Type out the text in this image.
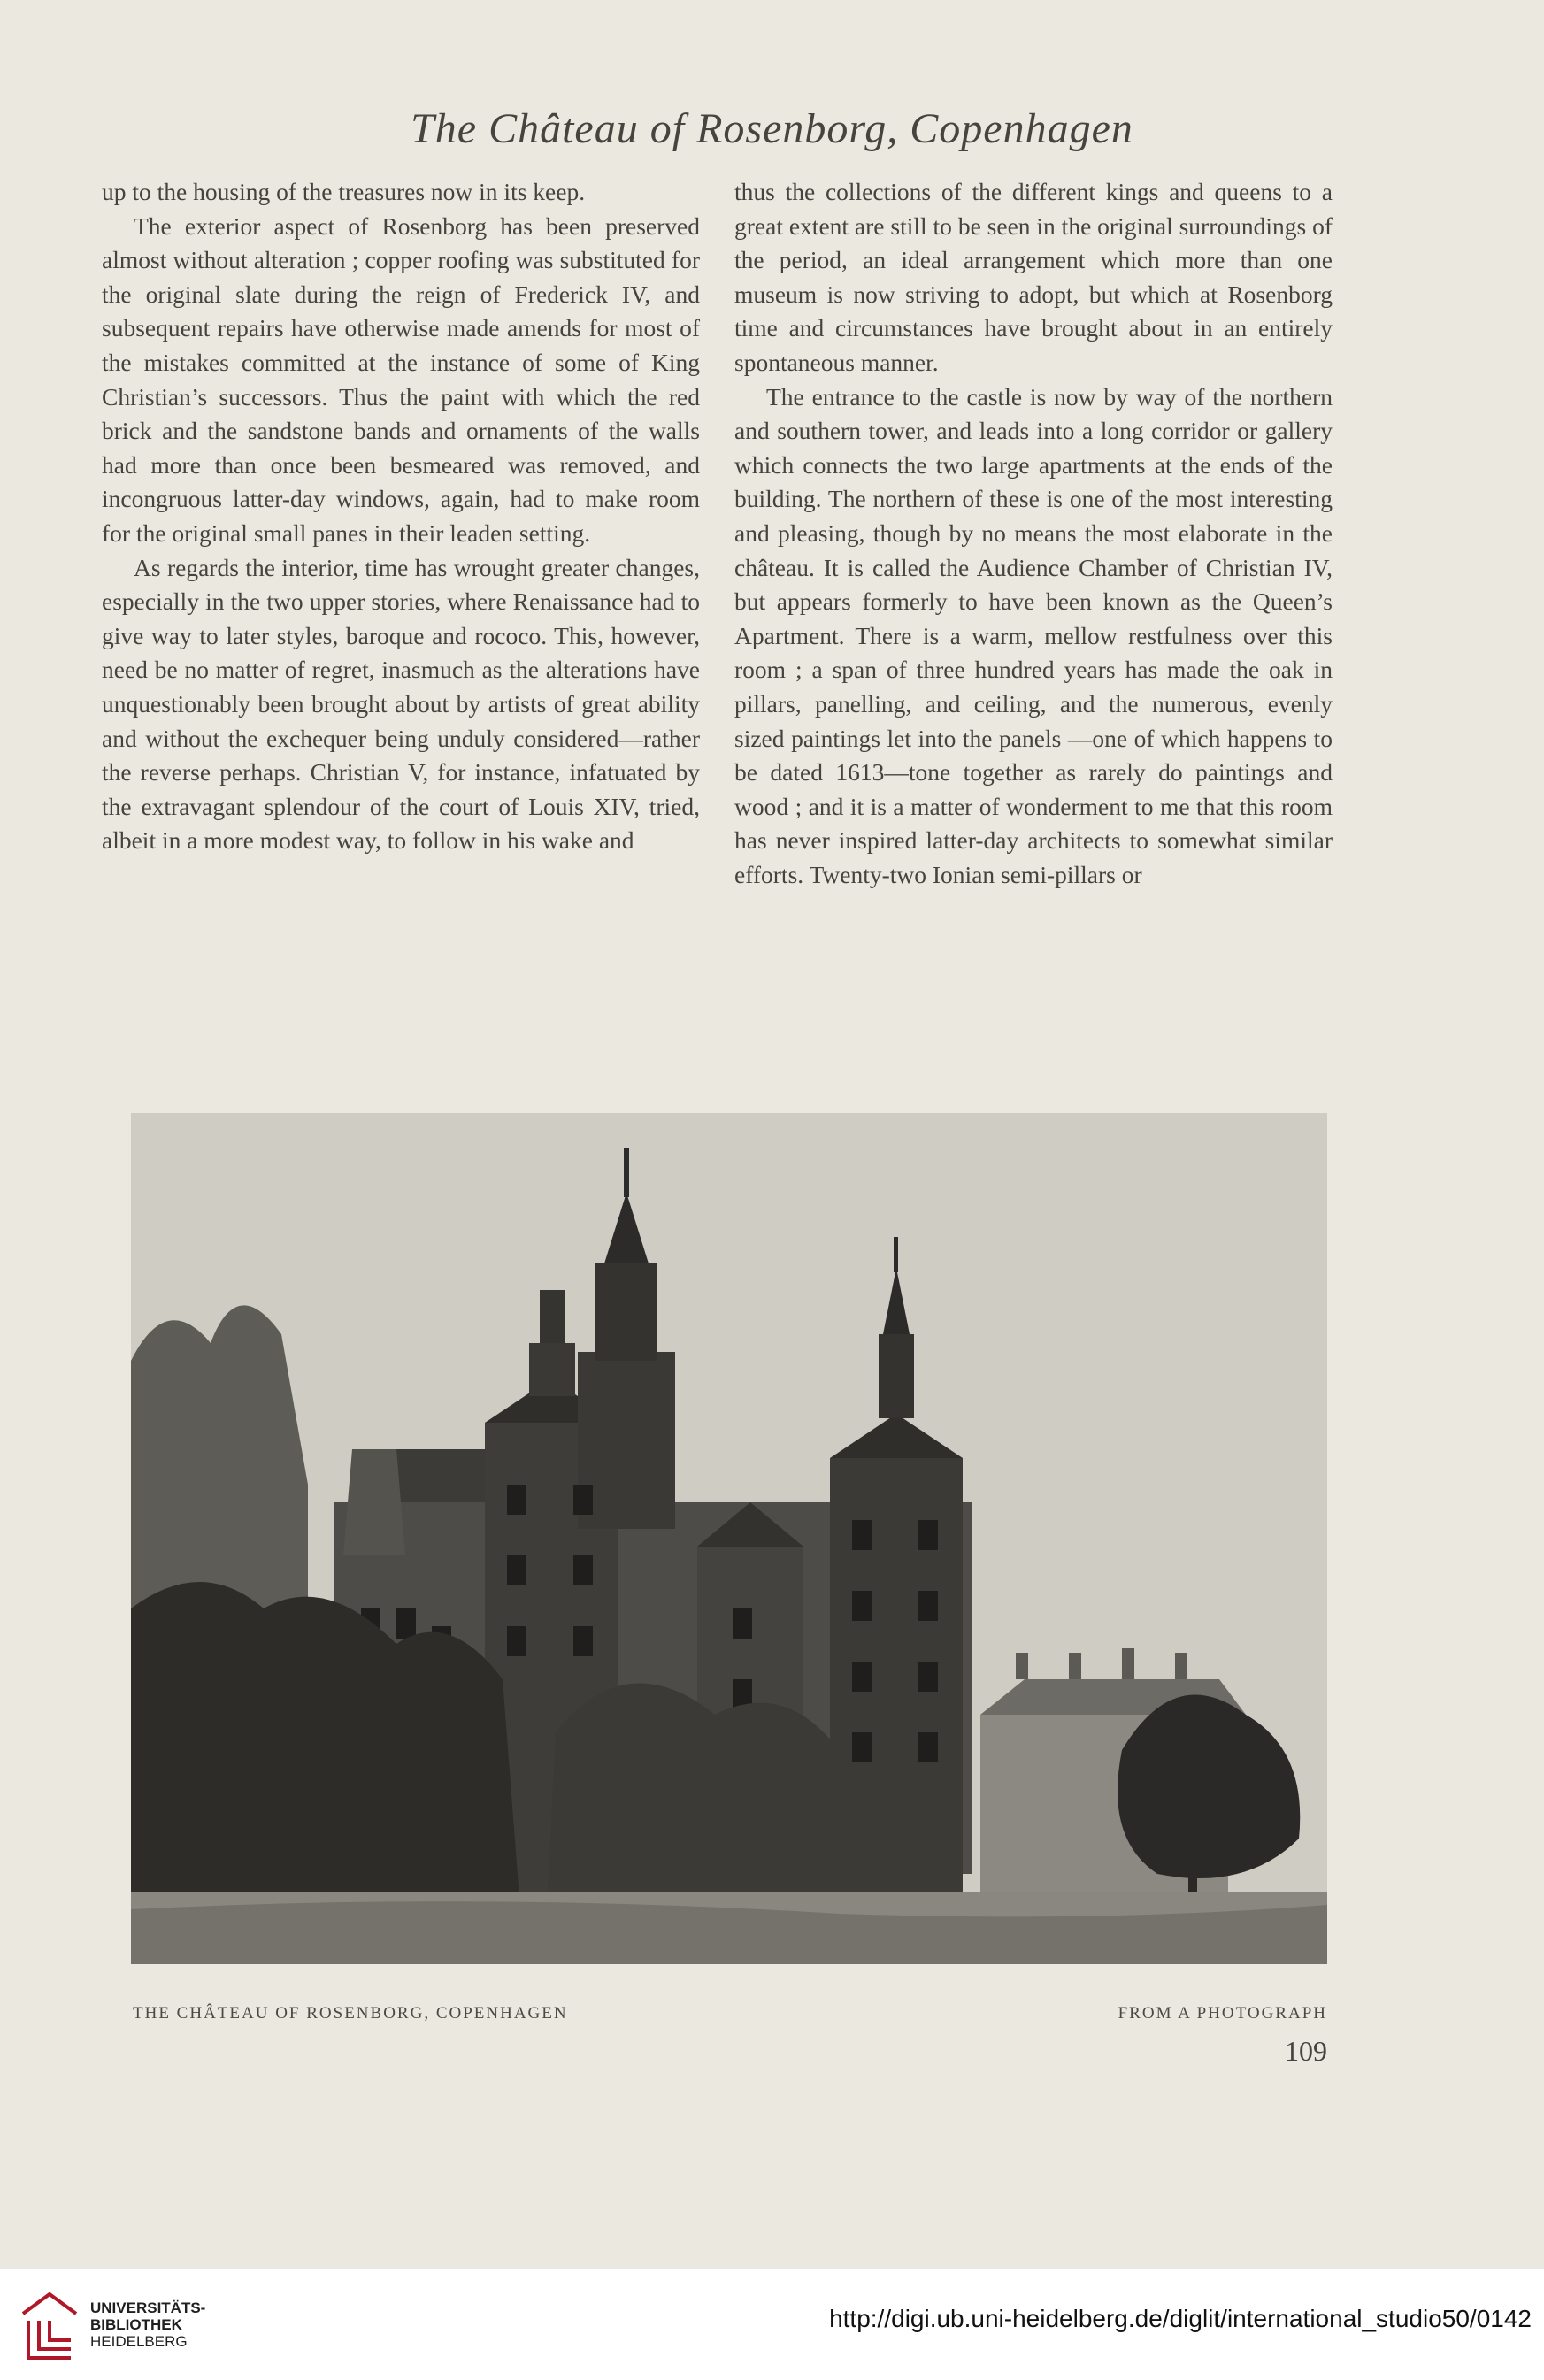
The Château of Rosenborg, Copenhagen

up to the housing of the treasures now in its keep.

The exterior aspect of Rosenborg has been preserved almost without alteration ; copper roofing was substituted for the original slate during the reign of Frederick IV, and subsequent repairs have otherwise made amends for most of the mistakes committed at the instance of some of King Christian’s successors. Thus the paint with which the red brick and the sandstone bands and ornaments of the walls had more than once been besmeared was removed, and incongruous latter-day windows, again, had to make room for the original small panes in their leaden setting.

As regards the interior, time has wrought greater changes, especially in the two upper stories, where Renaissance had to give way to later styles, baroque and rococo. This, however, need be no matter of regret, inasmuch as the alterations have unquestionably been brought about by artists of great ability and without the exchequer being unduly considered—rather the reverse perhaps. Christian V, for instance, infatuated by the extravagant splendour of the court of Louis XIV, tried, albeit in a more modest way, to follow in his wake and

thus the collections of the different kings and queens to a great extent are still to be seen in the original surroundings of the period, an ideal arrangement which more than one museum is now striving to adopt, but which at Rosenborg time and circumstances have brought about in an entirely spontaneous manner.

The entrance to the castle is now by way of the northern and southern tower, and leads into a long corridor or gallery which connects the two large apartments at the ends of the building. The northern of these is one of the most interesting and pleasing, though by no means the most elaborate in the château. It is called the Audience Chamber of Christian IV, but appears formerly to have been known as the Queen’s Apartment. There is a warm, mellow restfulness over this room ; a span of three hundred years has made the oak in pillars, panelling, and ceiling, and the numerous, evenly sized paintings let into the panels —one of which happens to be dated 1613—tone together as rarely do paintings and wood ; and it is a matter of wonderment to me that this room has never inspired latter-day architects to somewhat similar efforts. Twenty-two Ionian semi-pillars or

THE CHÂTEAU OF ROSENBORG, COPENHAGEN	FROM A PHOTOGRAPH
109
UNIVERSITÄTS-
BIBLIOTHEK
HEIDELBERG
http://digi.ub.uni-heidelberg.de/diglit/international_studio50/0142
